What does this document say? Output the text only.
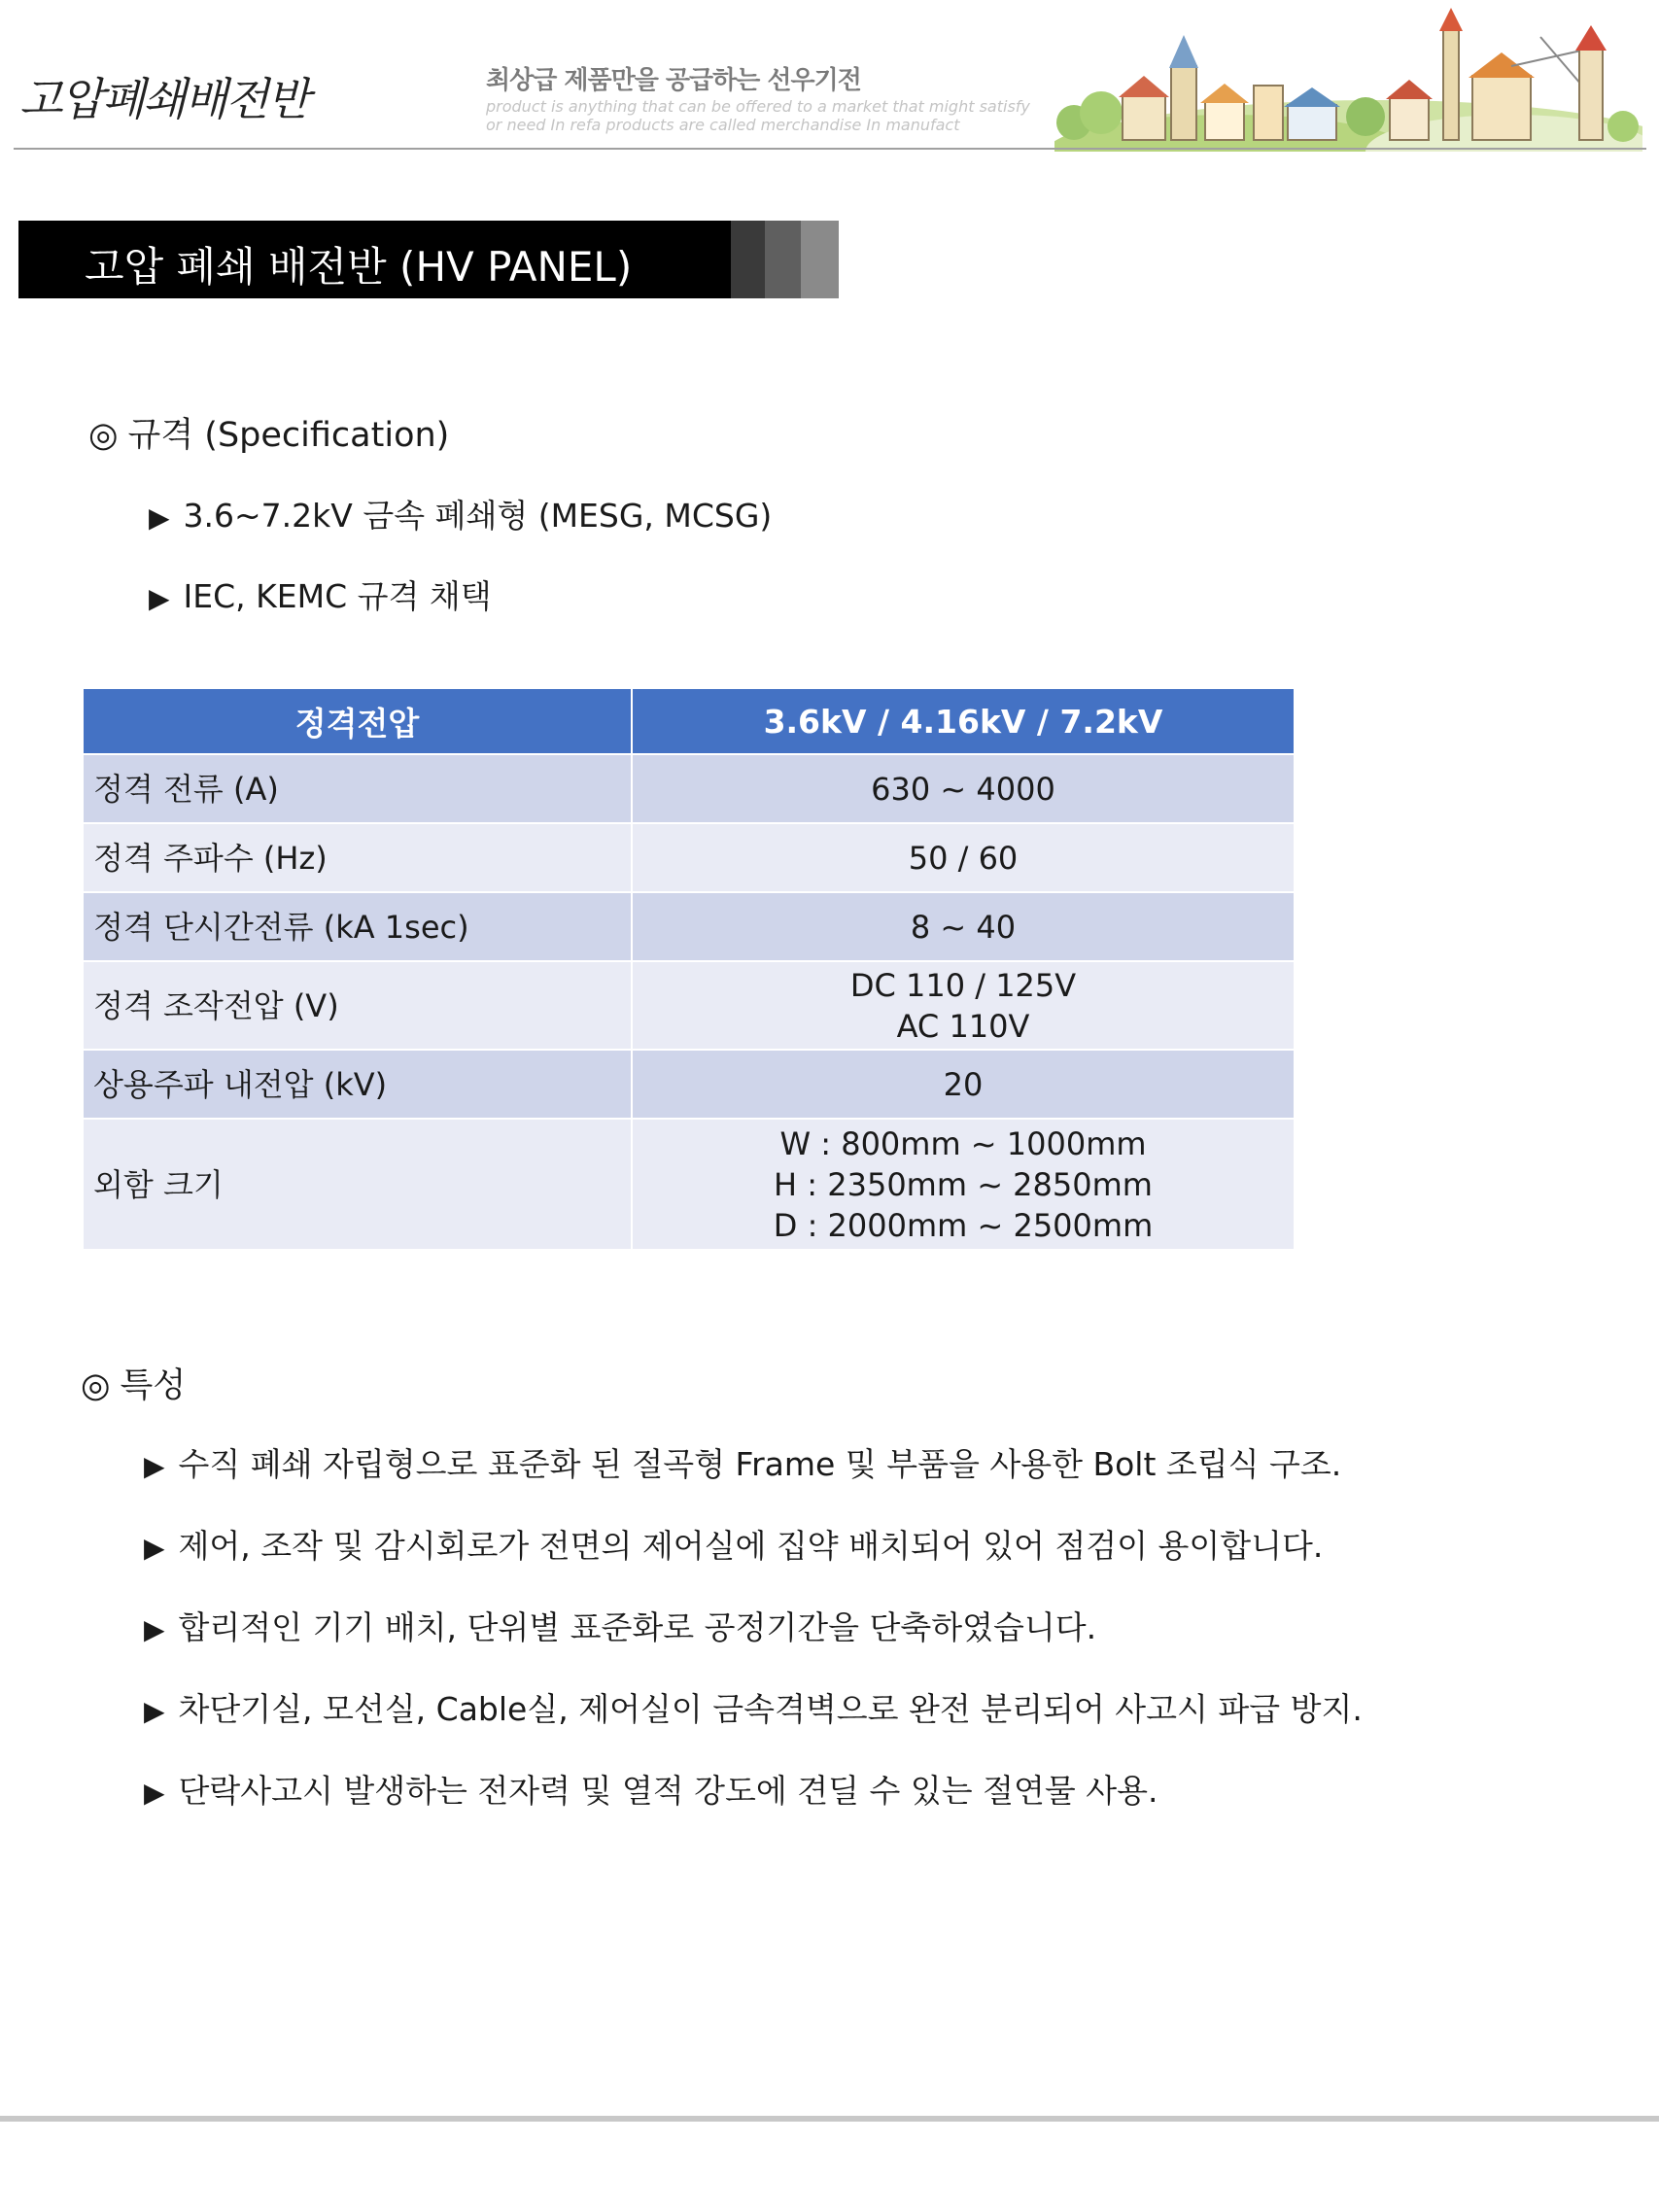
고압폐쇄배전반	최상급 제품만을 공급하는 선우기전
product is anything that can be offered to a market that might satisfy or need In refa products are called merchandise In manufact
고압 폐쇄 배전반 (HV PANEL)
◎ 규격 (Specification)
▶ 3.6~7.2kV 금속 폐쇄형 (MESG, MCSG)
▶ IEC, KEMC 규격 채택
정격전압	3.6kV / 4.16kV / 7.2kV
정격 전류 (A)	630 ~ 4000
정격 주파수 (Hz)	50 / 60
정격 단시간전류 (kA 1sec)	8 ~ 40
정격 조작전압 (V)	DC 110 / 125V
AC 110V

상용주파 내전압 (kV)	20
외함 크기	W : 800mm ~ 1000mm
H : 2350mm ~ 2850mm
D : 2000mm ~ 2500mm
◎ 특성
▶ 수직 폐쇄 자립형으로 표준화 된 절곡형 Frame 및 부품을 사용한 Bolt 조립식 구조.
▶ 제어, 조작 및 감시회로가 전면의 제어실에 집약 배치되어 있어 점검이 용이합니다.
▶ 합리적인 기기 배치, 단위별 표준화로 공정기간을 단축하였습니다.
▶ 차단기실, 모선실, Cable실, 제어실이 금속격벽으로 완전 분리되어 사고시 파급 방지.
▶ 단락사고시 발생하는 전자력 및 열적 강도에 견딜 수 있는 절연물 사용.
